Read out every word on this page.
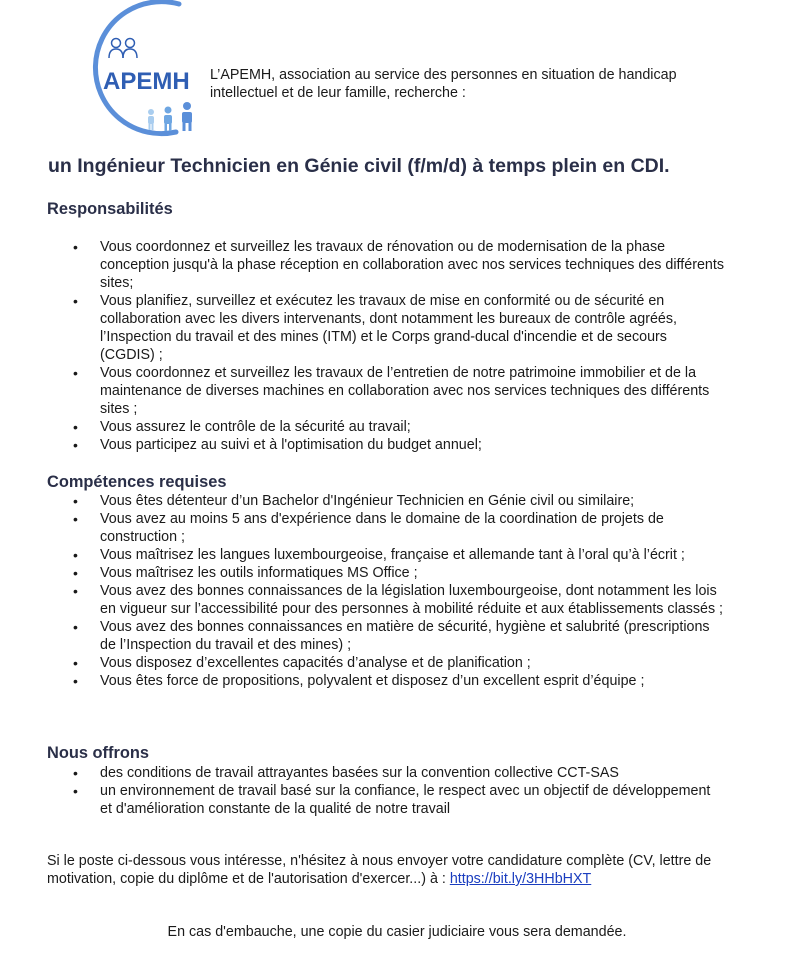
APEMH L’APEMH, association au service des personnes en situation de handicap intellectuel et de leur famille, recherche :
un Ingénieur Technicien en Génie civil (f/m/d) à temps plein en CDI.
Responsabilités
• Vous coordonnez et surveillez les travaux de rénovation ou de modernisation de la phase conception jusqu'à la phase réception en collaboration avec nos services techniques des différents sites;
• Vous planifiez, surveillez et exécutez les travaux de mise en conformité ou de sécurité en collaboration avec les divers intervenants, dont notamment les bureaux de contrôle agréés, l’Inspection du travail et des mines (ITM) et le Corps grand-ducal d'incendie et de secours (CGDIS) ;
• Vous coordonnez et surveillez les travaux de l’entretien de notre patrimoine immobilier et de la maintenance de diverses machines en collaboration avec nos services techniques des différents sites ;
• Vous assurez le contrôle de la sécurité au travail;
• Vous participez au suivi et à l'optimisation du budget annuel;
Compétences requises
• Vous êtes détenteur d’un Bachelor d'Ingénieur Technicien en Génie civil ou similaire;
• Vous avez au moins 5 ans d'expérience dans le domaine de la coordination de projets de construction ;
• Vous maîtrisez les langues luxembourgeoise, française et allemande tant à l’oral qu’à l’écrit ;
• Vous maîtrisez les outils informatiques MS Office ;
• Vous avez des bonnes connaissances de la législation luxembourgeoise, dont notamment les lois en vigueur sur l’accessibilité pour des personnes à mobilité réduite et aux établissements classés ;
• Vous avez des bonnes connaissances en matière de sécurité, hygiène et salubrité (prescriptions de l’Inspection du travail et des mines) ;
• Vous disposez d’excellentes capacités d’analyse et de planification ;
• Vous êtes force de propositions, polyvalent et disposez d’un excellent esprit d’équipe ;
Nous offrons
• des conditions de travail attrayantes basées sur la convention collective CCT-SAS
• un environnement de travail basé sur la confiance, le respect avec un objectif de développement et d'amélioration constante de la qualité de notre travail

Si le poste ci-dessous vous intéresse, n'hésitez à nous envoyer votre candidature complète (CV, lettre de motivation, copie du diplôme et de l'autorisation d'exercer...) à : https://bit.ly/3HHbHXT

En cas d'embauche, une copie du casier judiciaire vous sera demandée.
